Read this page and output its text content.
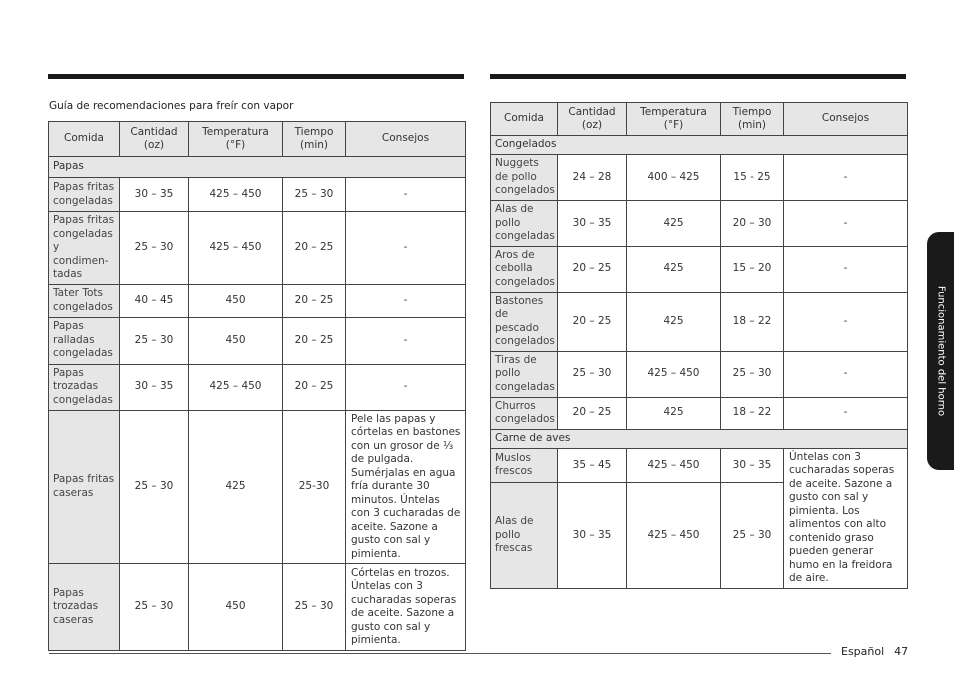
Guía de recomendaciones para freír con vapor
Comida	Cantidad (oz)	Temperatura (°F)	Tiempo (min)	Consejos
Papas				
Papas fritas congeladas	30 – 35	425 – 450	25 – 30	-
Papas fritas congeladas y condimen-tadas	25 – 30	425 – 450	20 – 25	-
Tater Tots congelados	40 – 45	450	20 – 25	-
Papas ralladas congeladas	25 – 30	450	20 – 25	-
Papas trozadas congeladas	30 – 35	425 – 450	20 – 25	-
Papas fritas caseras	25 – 30	425	25-30	Pele las papas y córtelas en bastones con un grosor de ⅓ de pulgada. Sumérjalas en agua fría durante 30 minutos. Úntelas con 3 cucharadas de aceite. Sazone a gusto con sal y pimienta.
Papas trozadas caseras	25 – 30	450	25 – 30	Córtelas en trozos. Úntelas con 3 cucharadas soperas de aceite. Sazone a gusto con sal y pimienta.
Comida	Cantidad (oz)	Temperatura (°F)	Tiempo (min)	Consejos
Congelados				
Nuggets de pollo congelados	24 – 28	400 – 425	15 - 25	-
Alas de pollo congeladas	30 – 35	425	20 – 30	-
Aros de cebolla congelados	20 – 25	425	15 – 20	-
Bastones de pescado congelados	20 – 25	425	18 – 22	-
Tiras de pollo congeladas	25 – 30	425 – 450	25 – 30	-
Churros congelados	20 – 25	425	18 – 22	-
Carne de aves				
Muslos frescos	35 – 45	425 – 450	30 – 35	Úntelas con 3 cucharadas soperas de aceite. Sazone a gusto con sal y pimienta. Los alimentos con alto contenido graso pueden generar humo en la freidora de aire.
Alas de pollo frescas	30 – 35	425 – 450	25 – 30	
Funcionamiento del horno
Español 47
